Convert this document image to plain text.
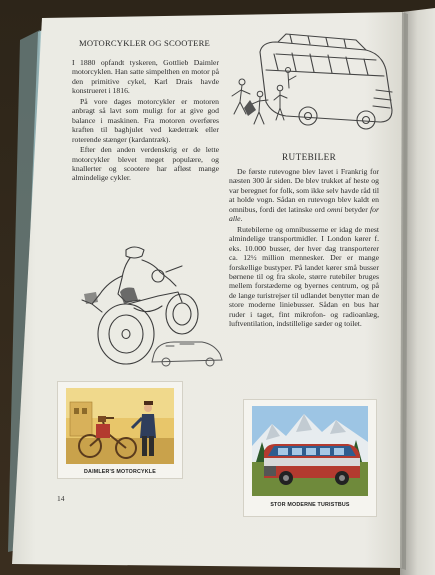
MOTORCYKLER OG SCOOTERE

I 1880 opfandt tyskeren, Gottlieb Daimler motorcyklen. Han satte simpelthen en motor på den primitive cykel, Karl Drais havde konstrueret i 1816.

På vore dages motorcykler er motoren anbragt så lavt som muligt for at give god balance i maskinen. Fra motoren overføres kraften til baghjulet ved kædetræk eller roterende stænger (kardantræk).

Efter den anden verdenskrig er de lette motorcykler blevet meget populære, og knallerter og scootere har afløst mange almindelige cykler.

RUTEBILER

De første rutevogne blev lavet i Frankrig for næsten 300 år siden. De blev trukket af heste og var beregnet for folk, som ikke selv havde råd til at holde vogn. Sådan en rutevogn blev kaldt en omnibus, fordi det latinske ord omni betyder for alle.

Rutebilerne og omnibusserne er idag de mest almindelige transportmidler. I London kører f. eks. 10.000 busser, der hver dag transporterer ca. 12½ million mennesker. Der er mange forskellige bustyper. På landet kører små busser børnene til og fra skole, større rutebiler bruges mellem forstæderne og byernes centrum, og på de lange turistrejser til udlandet benytter man de store moderne liniebusser. Sådan en bus har ruder i taget, fint mikrofon- og radioanlæg, luftventilation, indstillelige sæder og toilet.

DAIMLER'S MOTORCYKLE
STOR MODERNE TURISTBUS
14
